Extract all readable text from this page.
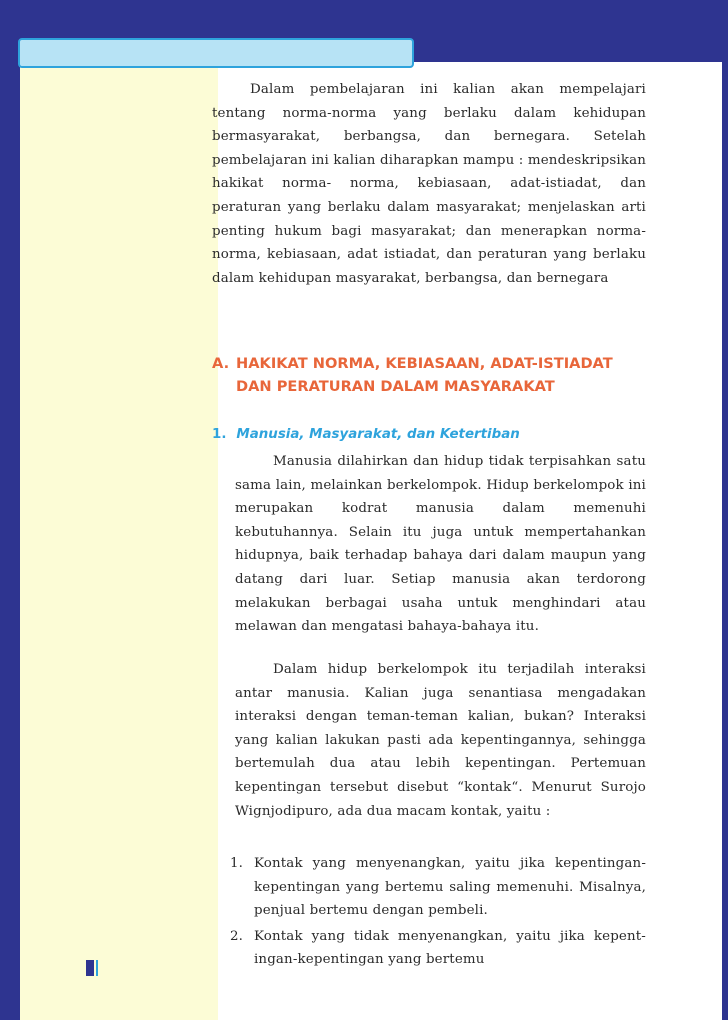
Dalam pembelajaran ini kalian akan mempelajari tentang norma-norma yang berlaku dalam kehidupan bermasyarakat, berbangsa, dan bernegara. Setelah pembelajaran ini kalian diharapkan mampu : mendeskripsikan hakikat norma- norma, kebiasaan, adat-istiadat, dan peraturan yang berlaku dalam masyarakat; menjelaskan arti penting hukum bagi masyarakat; dan menerapkan norma-norma, kebiasaan, adat istiadat, dan peraturan yang berlaku dalam kehidupan masyarakat, berbangsa, dan bernegara

A. HAKIKAT NORMA, KEBIASAAN, ADAT-ISTIADAT DAN PERATURAN DALAM MASYARAKAT
1. Manusia, Masyarakat, dan Ketertiban

Manusia dilahirkan dan hidup tidak terpisahkan satu sama lain, melainkan berkelompok. Hidup berkelompok ini merupakan kodrat manusia dalam memenuhi kebutuhannya. Selain itu juga untuk mempertahankan hidupnya, baik terhadap bahaya dari dalam maupun yang datang dari luar. Setiap manusia akan terdorong melakukan berbagai usaha untuk menghindari atau melawan dan mengatasi bahaya-bahaya itu.

Dalam hidup berkelompok itu terjadilah interaksi antar manusia. Kalian juga senantiasa mengadakan interaksi dengan teman-teman kalian, bukan? Interaksi yang kalian lakukan pasti ada kepentingannya, sehingga bertemulah dua atau lebih kepentingan. Pertemuan kepentingan tersebut disebut “kontak“. Menurut Surojo Wignjodipuro, ada dua macam kontak, yaitu :

1. Kontak yang menyenangkan, yaitu jika kepentingan- kepentingan yang bertemu saling memenuhi. Misalnya, penjual bertemu dengan pembeli.
2. Kontak yang tidak menyenangkan, yaitu jika kepent- ingan-kepentingan yang bertemu
